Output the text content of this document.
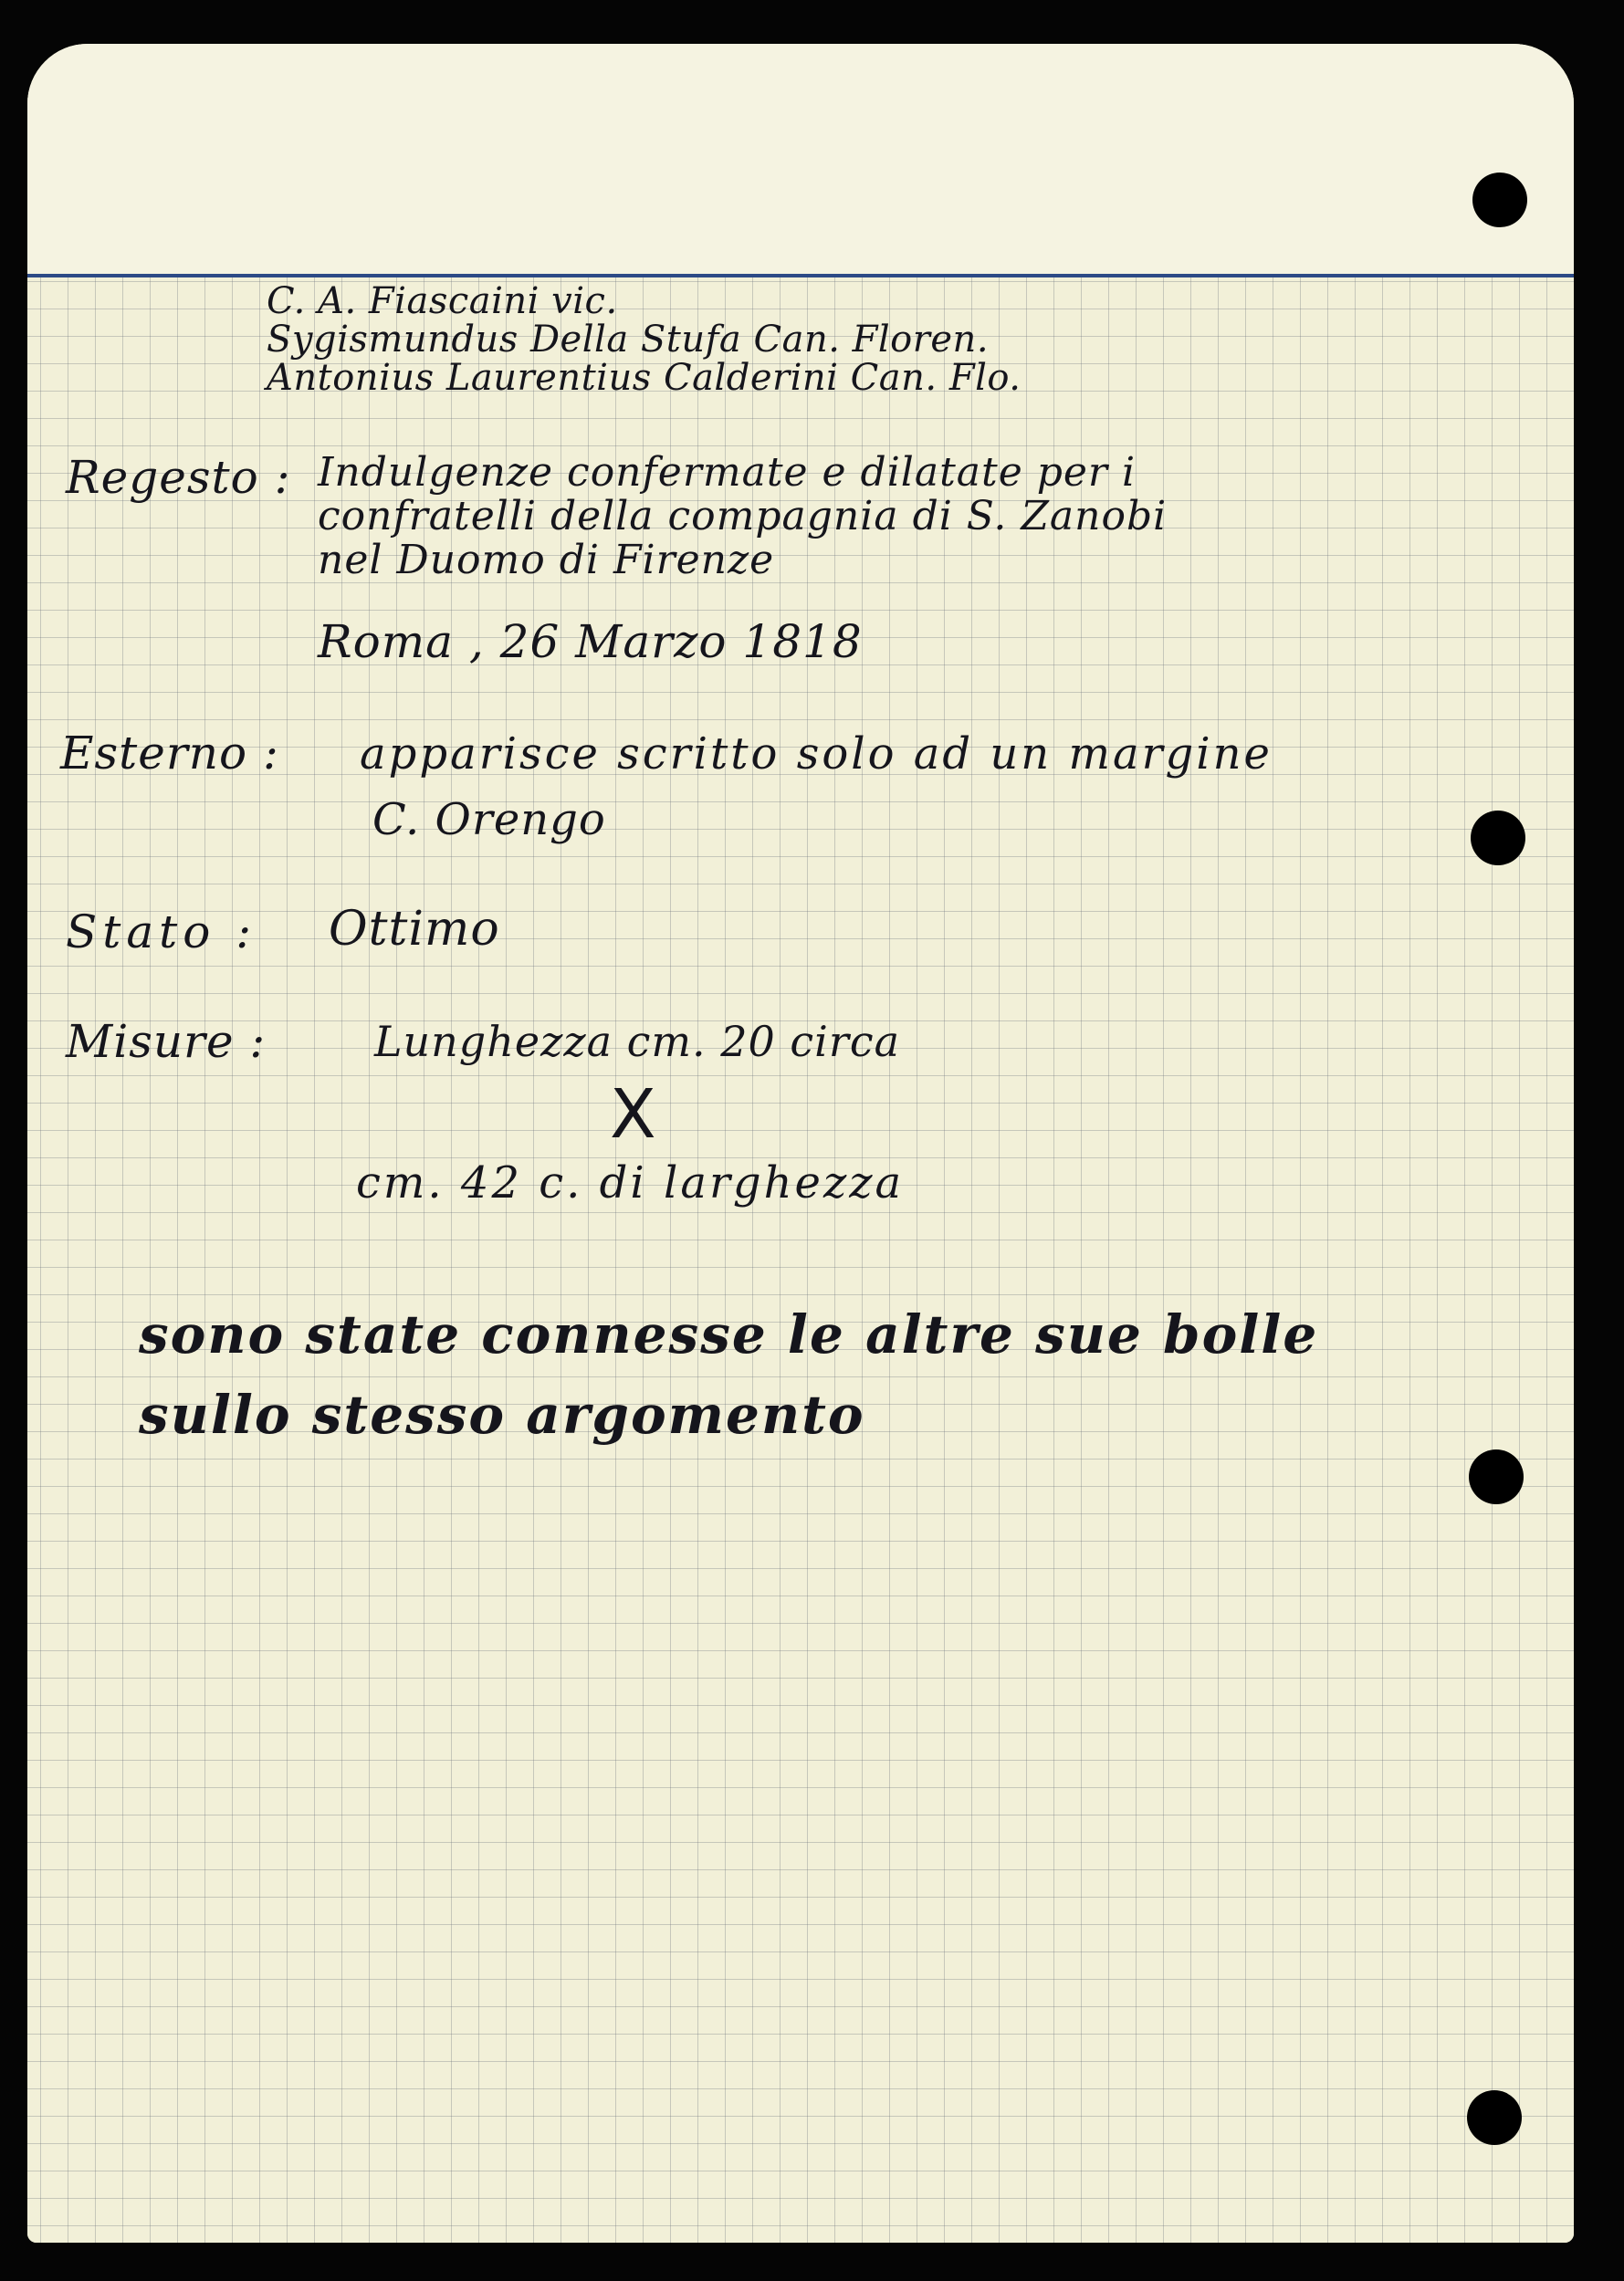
C. A. Fiascaini vic.
Sygismundus Della Stufa Can. Floren.
Antonius Laurentius Calderini Can. Flo.
Regesto : Indulgenze confermate e dilatate per i
confratelli della compagnia di S. Zanobi
nel Duomo di Firenze
Roma , 26 Marzo 1818
Esterno : apparisce scritto solo ad un margine
C. Orengo
Stato : Ottimo
Misure :	Lunghezza cm. 20 circa
X
cm. 42 c. di larghezza
sono state connesse le altre sue bolle
sullo stesso argomento
